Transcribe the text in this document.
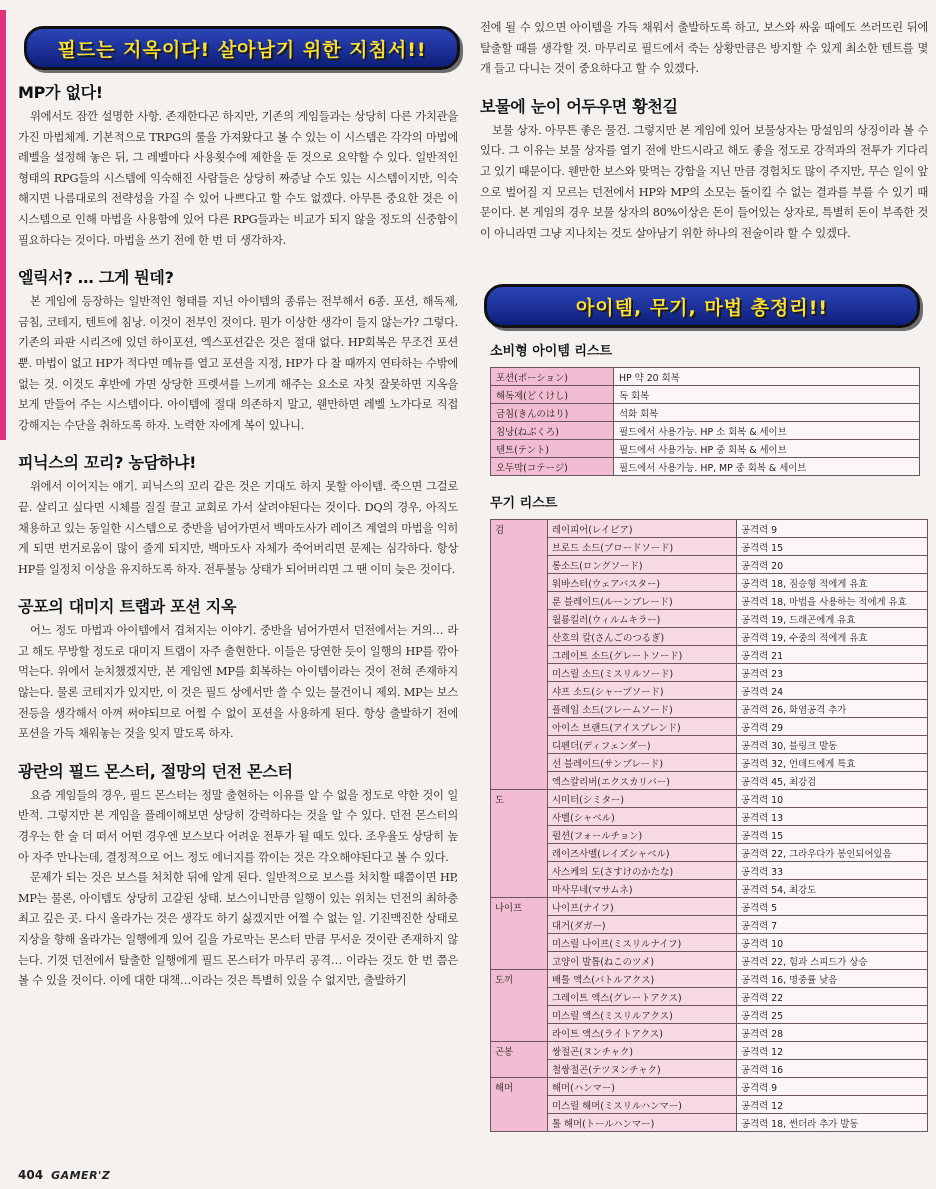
필드는 지옥이다! 살아남기 위한 지침서!!
MP가 없다!

위에서도 잠깐 설명한 사항. 존재한다곤 하지만, 기존의 게임들과는 상당히 다른 가치관을 가진 마법체계. 기본적으로 TRPG의 룰을 가져왔다고 볼 수 있는 이 시스템은 각각의 마법에 레벨을 설정해 놓은 뒤, 그 레벨마다 사용횟수에 제한을 둔 것으로 요약할 수 있다. 일반적인 형태의 RPG들의 시스템에 익숙해진 사람들은 상당히 짜증날 수도 있는 시스템이지만, 익숙해지면 나름대로의 전략성을 가질 수 있어 나쁘다고 할 수도 없겠다. 아무튼 중요한 것은 이 시스템으로 인해 마법을 사용함에 있어 다른 RPG들과는 비교가 되지 않을 정도의 신중함이 필요하다는 것이다. 마법을 쓰기 전에 한 번 더 생각하자.

엘릭서? … 그게 뭔데?

본 게임에 등장하는 일반적인 형태를 지닌 아이템의 종류는 전부해서 6종. 포션, 해독제, 금침, 코테지, 텐트에 침낭. 이것이 전부인 것이다. 뭔가 이상한 생각이 들지 않는가? 그렇다. 기존의 파판 시리즈에 있던 하이포션, 엑스포션같은 것은 절대 없다. HP회복은 무조건 포션 뿐. 마법이 없고 HP가 적다면 메뉴를 열고 포션을 지정, HP가 다 찰 때까지 연타하는 수밖에 없는 것. 이것도 후반에 가면 상당한 프렛셔를 느끼게 해주는 요소로 자칫 잘못하면 지옥을 보게 만들어 주는 시스템이다. 아이템에 절대 의존하지 말고, 웬만하면 레벨 노가다로 직접 강해지는 수단을 취하도록 하자. 노력한 자에게 복이 있나니.

피닉스의 꼬리? 농담하냐!

위에서 이어지는 얘기. 피닉스의 꼬리 같은 것은 기대도 하지 못할 아이템. 죽으면 그걸로 끝. 살리고 싶다면 시체를 질질 끌고 교회로 가서 살려야된다는 것이다. DQ의 경우, 아직도 채용하고 있는 동일한 시스템으로 중반을 넘어가면서 백마도사가 레이즈 계열의 마법을 익히게 되면 번거로움이 많이 줄게 되지만, 백마도사 자체가 죽어버리면 문제는 심각하다. 항상 HP를 일정치 이상을 유지하도록 하자. 전투불능 상태가 되어버리면 그 땐 이미 늦은 것이다.

공포의 대미지 트랩과 포션 지옥

어느 정도 마법과 아이템에서 겹쳐지는 이야기. 중반을 넘어가면서 던전에서는 거의… 라고 해도 무방할 정도로 대미지 트랩이 자주 출현한다. 이들은 당연한 듯이 일행의 HP를 깎아먹는다. 위에서 눈치챘겠지만, 본 게임엔 MP를 회복하는 아이템이라는 것이 전혀 존재하지 않는다. 물론 코테지가 있지만, 이 것은 필드 상에서만 쓸 수 있는 물건이니 제외. MP는 보스전등을 생각해서 아껴 써야되므로 어쩔 수 없이 포션을 사용하게 된다. 항상 출발하기 전에 포션을 가득 채워놓는 것을 잊지 말도록 하자.

광란의 필드 몬스터, 절망의 던전 몬스터

요즘 게임들의 경우, 필드 몬스터는 정말 출현하는 이유를 알 수 없을 정도로 약한 것이 일반적. 그렇지만 본 게임을 플레이해보면 상당히 강력하다는 것을 알 수 있다. 던전 몬스터의 경우는 한 술 더 떠서 어떤 경우엔 보스보다 어려운 전투가 될 때도 있다. 조우율도 상당히 높아 자주 만나는데, 결정적으로 어느 정도 에너지를 깎이는 것은 각오해야된다고 볼 수 있다.

문제가 되는 것은 보스를 처치한 뒤에 알게 된다. 일반적으로 보스를 처치할 때쯤이면 HP, MP는 물론, 아이템도 상당히 고갈된 상태. 보스이니만큼 일행이 있는 위치는 던전의 최하층 최고 깊은 곳. 다시 올라가는 것은 생각도 하기 싫겠지만 어쩔 수 없는 일. 기진맥진한 상태로 지상을 향해 올라가는 일행에게 있어 길을 가로막는 몬스터 만큼 무서운 것이란 존재하지 않는다. 기껏 던전에서 탈출한 일행에게 필드 몬스터가 마무리 공격… 이라는 것도 한 번 쯤은 볼 수 있을 것이다. 이에 대한 대책…이라는 것은 특별히 있을 수 없지만, 출발하기

전에 될 수 있으면 아이템을 가득 채워서 출발하도록 하고, 보스와 싸움 때에도 쓰러뜨린 뒤에 탈출할 때를 생각할 것. 마무리로 필드에서 죽는 상황만큼은 방지할 수 있게 최소한 텐트를 몇 개 들고 다니는 것이 중요하다고 할 수 있겠다.

보물에 눈이 어두우면 황천길

보물 상자. 아무튼 좋은 물건. 그렇지만 본 게임에 있어 보물상자는 망설임의 상징이라 볼 수 있다. 그 이유는 보물 상자를 열기 전에 반드시라고 해도 좋을 정도로 강적과의 전투가 기다리고 있기 때문이다. 웬만한 보스와 맞먹는 강함을 지닌 만큼 경험치도 많이 주지만, 무슨 일이 앞으로 벌어질 지 모르는 던전에서 HP와 MP의 소모는 돌이킬 수 없는 결과를 부를 수 있기 때문이다. 본 게임의 경우 보물 상자의 80%이상은 돈이 들어있는 상자로, 특별히 돈이 부족한 것이 아니라면 그냥 지나치는 것도 살아남기 위한 하나의 전술이라 할 수 있겠다.

아이템, 무기, 마법 총정리!!
소비형 아이템 리스트
포션(ポーション)	HP 약 20 회복
해독제(どくけし)	독 회복
금침(きんのはり)	석화 회복
침낭(ねぶくろ)	필드에서 사용가능. HP 소 회복 & 세이브
텐트(テント)	필드에서 사용가능. HP 중 회복 & 세이브
오두막(コテージ)	필드에서 사용가능. HP, MP 중 회복 & 세이브
무기 리스트
검	레이피어(レイピア)	공격력 9
	브로드 소드(ブロードソード)	공격력 15
	롱소드(ロングソード)	공격력 20
	워바스터(ウェアバスター)	공격력 18, 짐승형 적에게 유효
	룬 블레이드(ルーンブレード)	공격력 18, 마법을 사용하는 적에게 유효
	월룡킬러(ウィルムキラー)	공격력 19, 드래곤에게 유효
	산호의 칼(さんごのつるぎ)	공격력 19, 수중의 적에게 유효
	그레이트 소드(グレートソード)	공격력 21
	미스릴 소드(ミスリルソード)	공격력 23
	샤프 소드(シャープソード)	공격력 24
	플레임 소드(フレームソード)	공격력 26, 화염공격 추가
	아이스 브랜드(アイスブレンド)	공격력 29
	디펜더(ディフェンダー)	공격력 30, 블링크 발동
	선 블레이드(サンブレード)	공격력 32, 언데드에게 특효
	엑스칼리버(エクスカリバー)	공격력 45, 최강검
도	시미터(シミター)	공격력 10
	사벨(シャベル)	공격력 13
	펄션(フォールチョン)	공격력 15
	레이즈사벨(レイズシャベル)	공격력 22, 그라우다가 봉인되어있음
	사스케의 도(さすけのかたな)	공격력 33
	마사무네(マサムネ)	공격력 54, 최강도
나이프	나이프(ナイフ)	공격력 5
	대거(ダガー)	공격력 7
	미스릴 나이프(ミスリルナイフ)	공격력 10
	고양이 발톱(ねこのツメ)	공격력 22, 힘과 스피드가 상승
도끼	배틀 액스(バトルアクス)	공격력 16, 명중률 낮음
	그레이트 액스(グレートアクス)	공격력 22
	미스릴 액스(ミスリルアクス)	공격력 25
	라이트 액스(ライトアクス)	공격력 28
곤봉	쌍절곤(ヌンチャク)	공격력 12
	철쌍절곤(テツヌンチャク)	공격력 16
해머	해머(ハンマー)	공격력 9
	미스릴 해머(ミスリルハンマー)	공격력 12
	톨 해머(トールハンマー)	공격력 18, 썬더라 추가 발동
404 GAMER'Z
